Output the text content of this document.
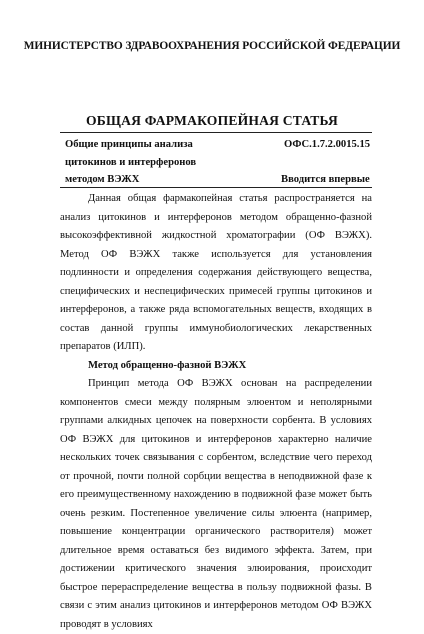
МИНИСТЕРСТВО ЗДРАВООХРАНЕНИЯ РОССИЙСКОЙ ФЕДЕРАЦИИ
ОБЩАЯ ФАРМАКОПЕЙНАЯ СТАТЬЯ
Общие принципы анализа	ОФС.1.7.2.0015.15
цитокинов и интерферонов
методом ВЭЖХ	Вводится впервые

Данная общая фармакопейная статья распространяется на анализ цитокинов и интерферонов методом обращенно-фазной высокоэффективной жидкостной хроматографии (ОФ ВЭЖХ). Метод ОФ ВЭЖХ также используется для установления подлинности и определения содержания действующего вещества, специфических и неспецифических примесей группы цитокинов и интерферонов, а также ряда вспомогательных веществ, входящих в состав данной группы иммунобиологических лекарственных препаратов (ИЛП).

Метод обращенно-фазной ВЭЖХ

Принцип метода ОФ ВЭЖХ основан на распределении компонентов смеси между полярным элюентом и неполярными группами алкидных цепочек на поверхности сорбента. В условиях ОФ ВЭЖХ для цитокинов и интерферонов характерно наличие нескольких точек связывания с сорбентом, вследствие чего переход от прочной, почти полной сорбции вещества в неподвижной фазе к его преимущественному нахождению в подвижной фазе может быть очень резким. Постепенное увеличение силы элюента (например, повышение концентрации органического растворителя) может длительное время оставаться без видимого эффекта. Затем, при достижении критического значения элюирования, происходит быстрое перераспределение вещества в пользу подвижной фазы. В связи с этим анализ цитокинов и интерферонов методом ОФ ВЭЖХ проводят в условиях
